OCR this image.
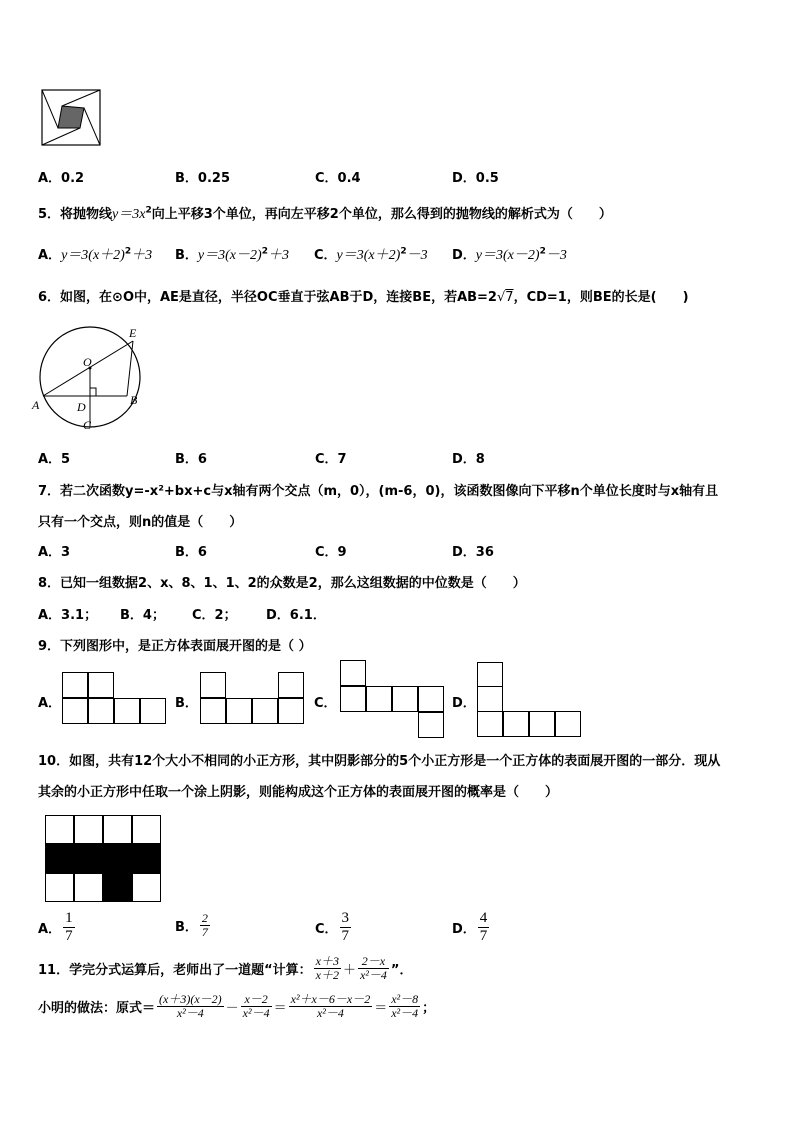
A．0.2	B．0.25	C．0.4	D．0.5
5．将抛物线$y=3x^2$向上平移3个单位，再向左平移2个单位，那么得到的抛物线的解析式为（　　）
A．$y=3(x+2)^2+3$ B．$y=3(x-2)^2+3$ C．$y=3(x+2)^2-3$ D．$y=3(x-2)^2-3$
6．如图，在⊙O中，AE是直径，半径OC垂直于弦AB于D，连接BE，若AB=2√7，CD=1，则BE的长是(　　)
O
E
A	B
D
C
A．5	B．6	C．7	D．8
7．若二次函数y=-x²+bx+c与x轴有两个交点（m，0），(m-6，0)，该函数图像向下平移n个单位长度时与x轴有且
只有一个交点，则n的值是（　　）
A．3	B．6	C．9	D．36
8．已知一组数据2、x、8、1、1、2的众数是2，那么这组数据的中位数是（　　）
A．3.1； B．4； C．2； D．6.1．
9．下列图形中，是正方体表面展开图的是（ ）
A．	B．	C．	D．
10．如图，共有12个大小不相同的小正方形，其中阴影部分的5个小正方形是一个正方体的表面展开图的一部分．现从
其余的小正方形中任取一个涂上阴影，则能构成这个正方体的表面展开图的概率是（　　）
A． $\frac{1}{7}$	B． $\frac{2}{7}$	C． $\frac{3}{7}$	D． $\frac{4}{7}$
11．学完分式运算后，老师出了一道题“计算： $\frac{x+3}{x+2} + \frac{2-x}{\text{x²－4}}$ ”．
小明的做法：原式＝ $\frac{(x+3)(x-2)}{\text{x²－4}} - \frac{x-2}{\text{x²－4}} = \frac{\text{x²＋x－6－x－2}}{\text{x²－4}} = \frac{\text{x²－8}}{\text{x²－4}}$ ；
